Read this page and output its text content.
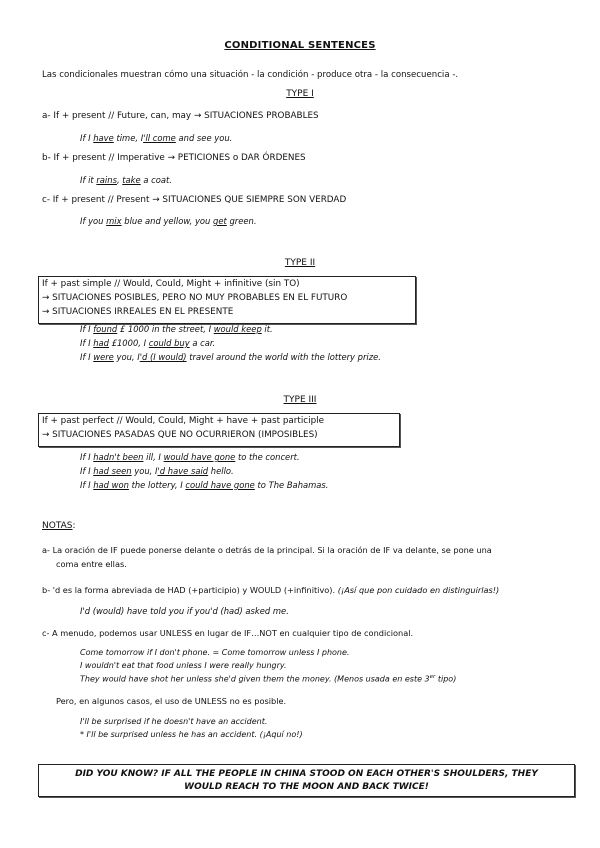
CONDITIONAL SENTENCES
Las condicionales muestran cómo una situación - la condición - produce otra - la consecuencia -.
TYPE I
a- If + present // Future, can, may → SITUACIONES PROBABLES
If I have time, I'll come and see you.
b- If + present // Imperative → PETICIONES o DAR ÓRDENES
If it rains, take a coat.
c- If + present // Present → SITUACIONES QUE SIEMPRE SON VERDAD
If you mix blue and yellow, you get green.
TYPE II
If + past simple // Would, Could, Might + infinitive (sin TO)
→ SITUACIONES POSIBLES, PERO NO MUY PROBABLES EN EL FUTURO
→ SITUACIONES IRREALES EN EL PRESENTE
If I found £ 1000 in the street, I would keep it.
If I had £1000, I could buy a car.
If I were you, I'd (I would) travel around the world with the lottery prize.
TYPE III
If + past perfect // Would, Could, Might + have + past participle
→ SITUACIONES PASADAS QUE NO OCURRIERON (IMPOSIBLES)
If I hadn't been ill, I would have gone to the concert.
If I had seen you, I'd have said hello.
If I had won the lottery, I could have gone to The Bahamas.
NOTAS:
a- La oración de IF puede ponerse delante o detrás de la principal. Si la oración de IF va delante, se pone una
coma entre ellas.
b- 'd es la forma abreviada de HAD (+participio) y WOULD (+infinitivo). (¡Así que pon cuidado en distinguirlas!)
I'd (would) have told you if you'd (had) asked me.
c- A menudo, podemos usar UNLESS en lugar de IF…NOT en cualquier tipo de condicional.
Come tomorrow if I don't phone. = Come tomorrow unless I phone.
I wouldn't eat that food unless I were really hungry.
They would have shot her unless she'd given them the money. (Menos usada en este 3er tipo)
Pero, en algunos casos, el uso de UNLESS no es posible.
I'll be surprised if he doesn't have an accident.
* I'll be surprised unless he has an accident. (¡Aquí no!)
DID YOU KNOW? IF ALL THE PEOPLE IN CHINA STOOD ON EACH OTHER'S SHOULDERS, THEY
WOULD REACH TO THE MOON AND BACK TWICE!
